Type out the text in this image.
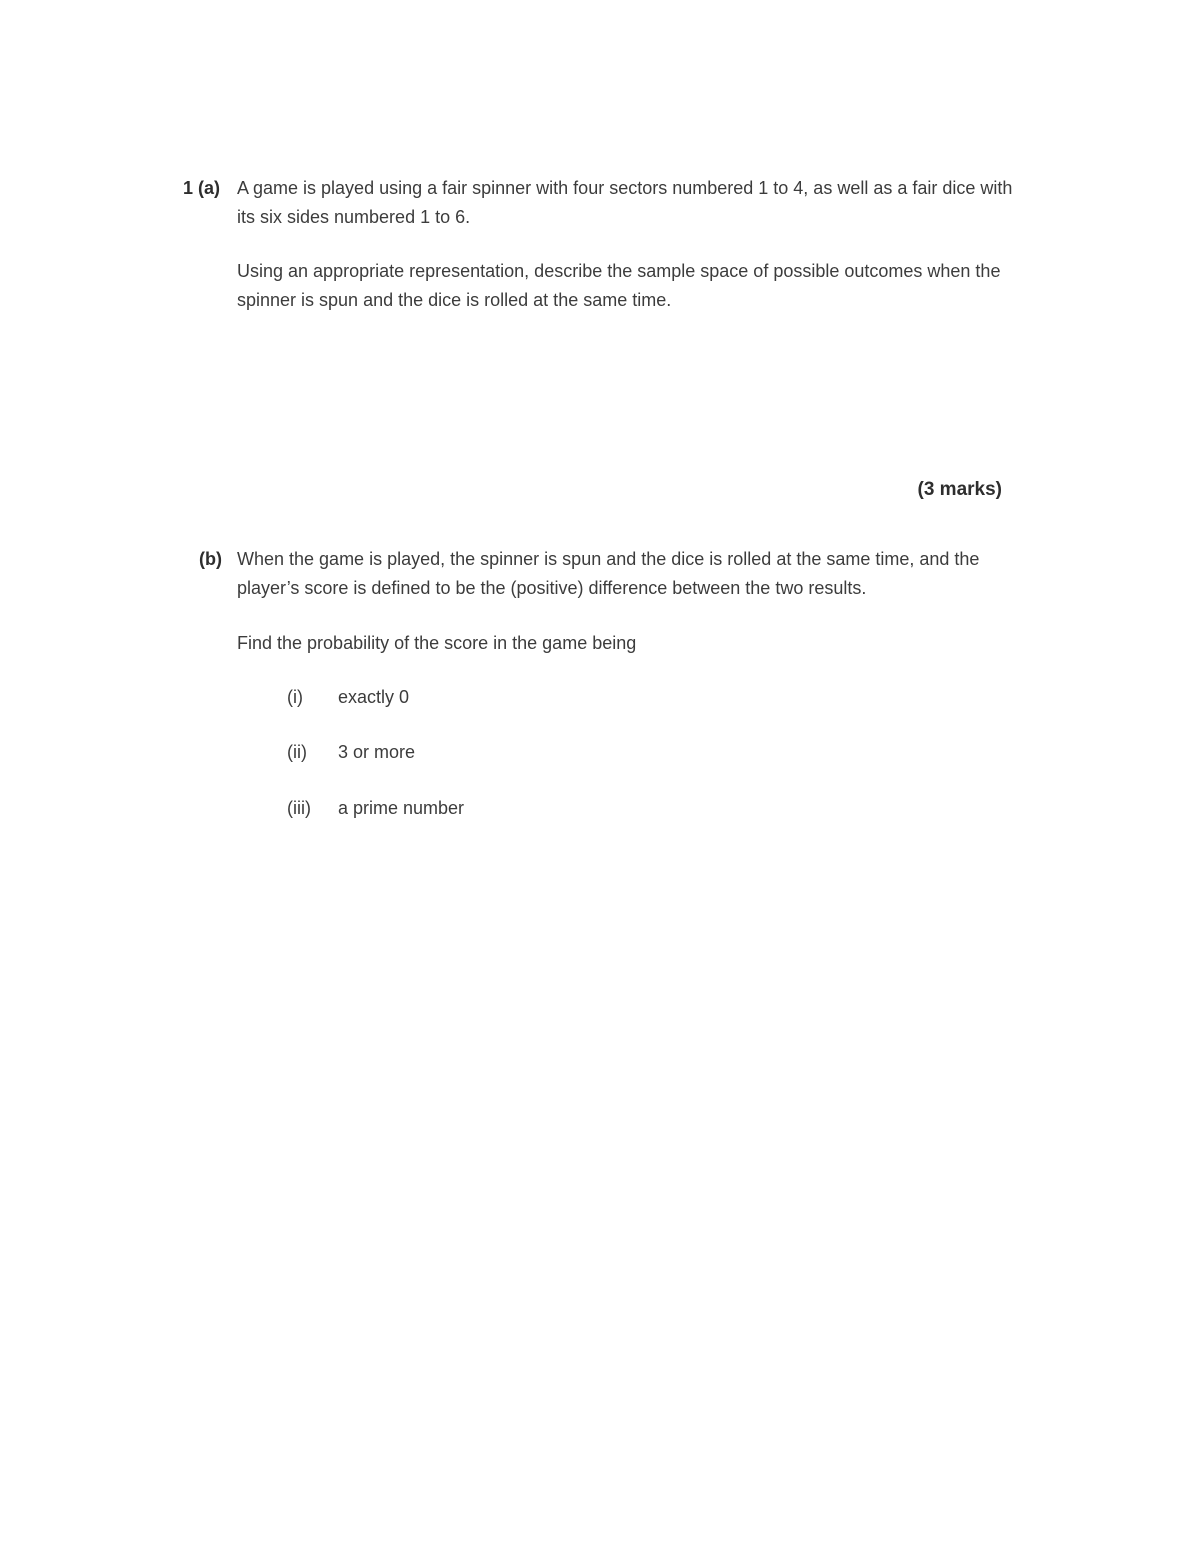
1 (a) A game is played using a fair spinner with four sectors numbered 1 to 4, as well as a fair dice with its six sides numbered 1 to 6.
Using an appropriate representation, describe the sample space of possible outcomes when the spinner is spun and the dice is rolled at the same time.
(3 marks)
(b) When the game is played, the spinner is spun and the dice is rolled at the same time, and the player’s score is defined to be the (positive) difference between the two results.
Find the probability of the score in the game being
(i) exactly 0
(ii) 3 or more
(iii) a prime number
